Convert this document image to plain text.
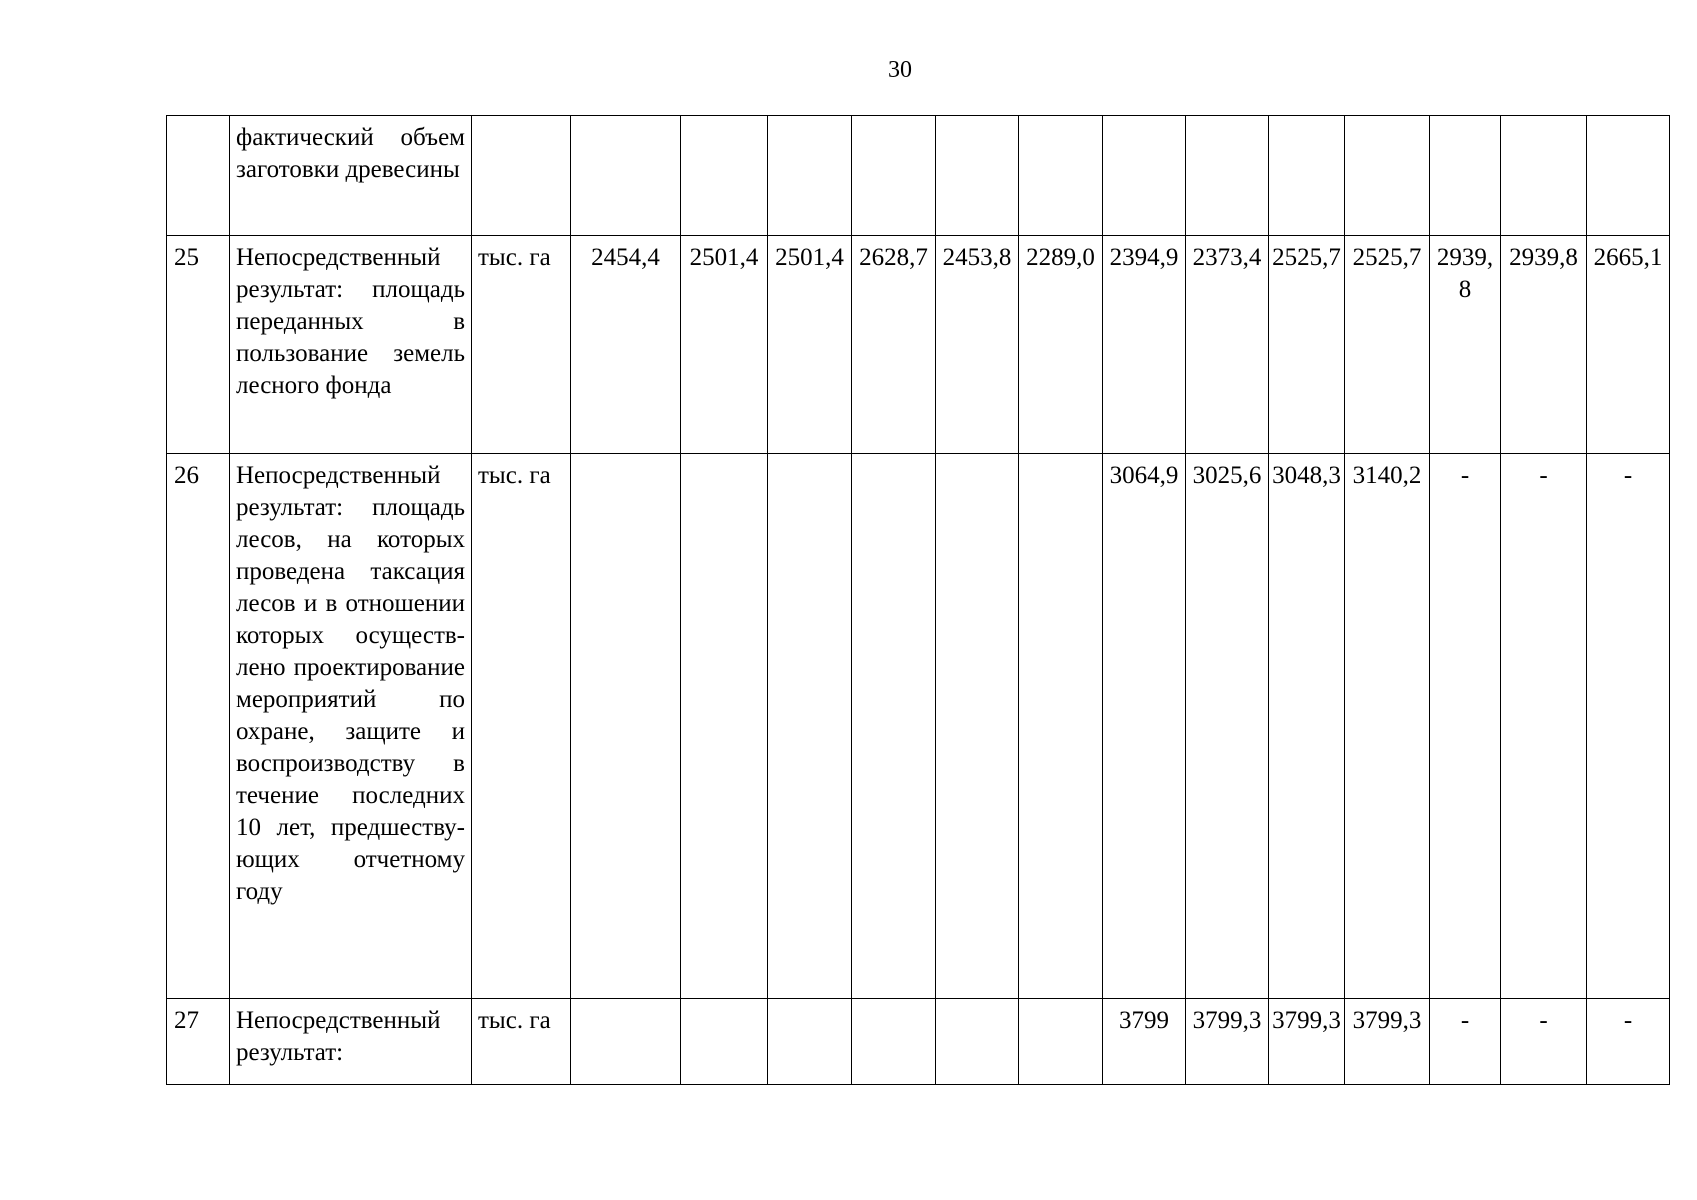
30
	фактический объем заготовки древесины														
25	Непосредственный результат: площадь переданных в пользование земель лесного фонда	тыс. га	2454,4	2501,4	2501,4	2628,7	2453,8	2289,0	2394,9	2373,4	2525,7	2525,7	2939,8	2939,8	2665,1
26	Непосредственный результат: площадь лесов, на которых проведена таксация лесов и в отношении которых осуществлено проектирование мероприятий по охране, защите и воспроизводству в течение последних 10 лет, предшествующих отчетному году	тыс. га							3064,9	3025,6	3048,3	3140,2	-	-	-
27	Непосредственный результат:	тыс. га							3799	3799,3	3799,3	3799,3	-	-	-
